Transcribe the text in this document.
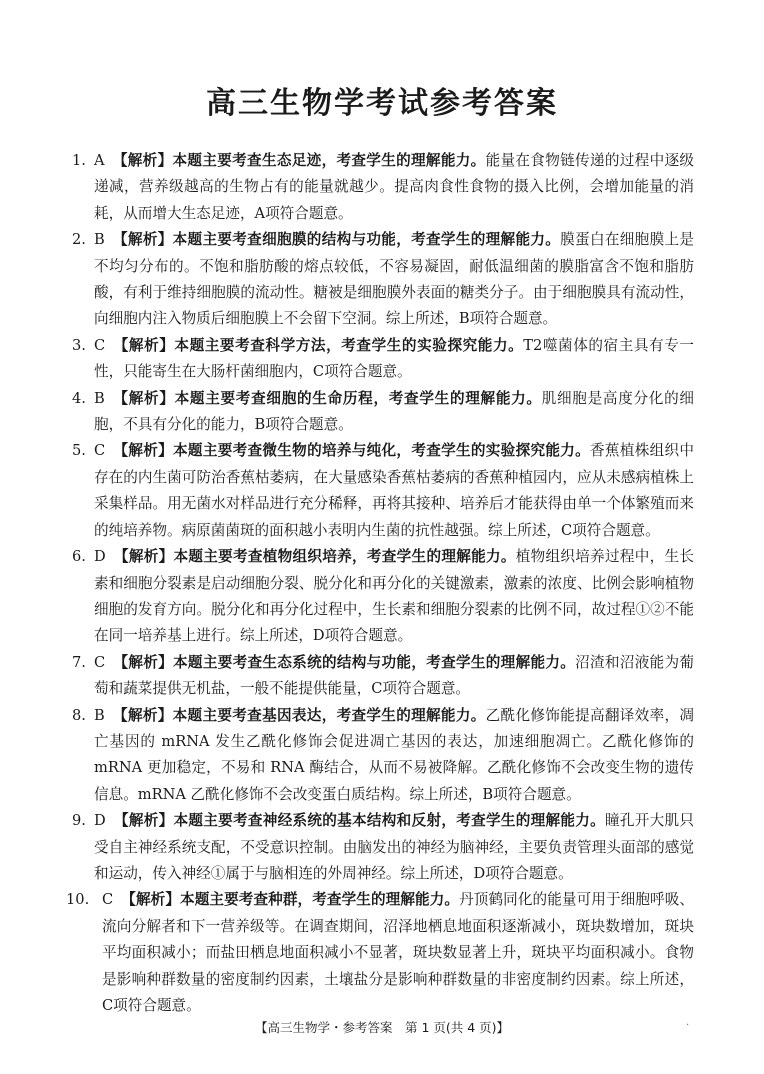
高三生物学考试参考答案
1. A 【解析】本题主要考查生态足迹，考查学生的理解能力。能量在食物链传递的过程中逐级递减，营养级越高的生物占有的能量就越少。提高肉食性食物的摄入比例，会增加能量的消耗，从而增大生态足迹，A项符合题意。
2. B 【解析】本题主要考查细胞膜的结构与功能，考查学生的理解能力。膜蛋白在细胞膜上是不均匀分布的。不饱和脂肪酸的熔点较低，不容易凝固，耐低温细菌的膜脂富含不饱和脂肪酸，有利于维持细胞膜的流动性。糖被是细胞膜外表面的糖类分子。由于细胞膜具有流动性，向细胞内注入物质后细胞膜上不会留下空洞。综上所述，B项符合题意。
3. C 【解析】本题主要考查科学方法，考查学生的实验探究能力。T2噬菌体的宿主具有专一性，只能寄生在大肠杆菌细胞内，C项符合题意。
4. B 【解析】本题主要考查细胞的生命历程，考查学生的理解能力。肌细胞是高度分化的细胞，不具有分化的能力，B项符合题意。
5. C 【解析】本题主要考查微生物的培养与纯化，考查学生的实验探究能力。香蕉植株组织中存在的内生菌可防治香蕉枯萎病，在大量感染香蕉枯萎病的香蕉种植园内，应从未感病植株上采集样品。用无菌水对样品进行充分稀释，再将其接种、培养后才能获得由单一个体繁殖而来的纯培养物。病原菌菌斑的面积越小表明内生菌的抗性越强。综上所述，C项符合题意。
6. D 【解析】本题主要考查植物组织培养，考查学生的理解能力。植物组织培养过程中，生长素和细胞分裂素是启动细胞分裂、脱分化和再分化的关键激素，激素的浓度、比例会影响植物细胞的发育方向。脱分化和再分化过程中，生长素和细胞分裂素的比例不同，故过程①②不能在同一培养基上进行。综上所述，D项符合题意。
7. C 【解析】本题主要考查生态系统的结构与功能，考查学生的理解能力。沼渣和沼液能为葡萄和蔬菜提供无机盐，一般不能提供能量，C项符合题意。
8. B 【解析】本题主要考查基因表达，考查学生的理解能力。乙酰化修饰能提高翻译效率，凋亡基因的 mRNA 发生乙酰化修饰会促进凋亡基因的表达，加速细胞凋亡。乙酰化修饰的 mRNA 更加稳定，不易和 RNA 酶结合，从而不易被降解。乙酰化修饰不会改变生物的遗传信息。mRNA 乙酰化修饰不会改变蛋白质结构。综上所述，B项符合题意。
9. D 【解析】本题主要考查神经系统的基本结构和反射，考查学生的理解能力。瞳孔开大肌只受自主神经系统支配，不受意识控制。由脑发出的神经为脑神经，主要负责管理头面部的感觉和运动，传入神经①属于与脑相连的外周神经。综上所述，D项符合题意。
10. C 【解析】本题主要考查种群，考查学生的理解能力。丹顶鹤同化的能量可用于细胞呼吸、流向分解者和下一营养级等。在调查期间，沼泽地栖息地面积逐渐减小，斑块数增加，斑块平均面积减小；而盐田栖息地面积减小不显著，斑块数显著上升，斑块平均面积减小。食物是影响种群数量的密度制约因素，土壤盐分是影响种群数量的非密度制约因素。综上所述，C项符合题意。
【高三生物学・参考答案　第 1 页(共 4 页)】	·
